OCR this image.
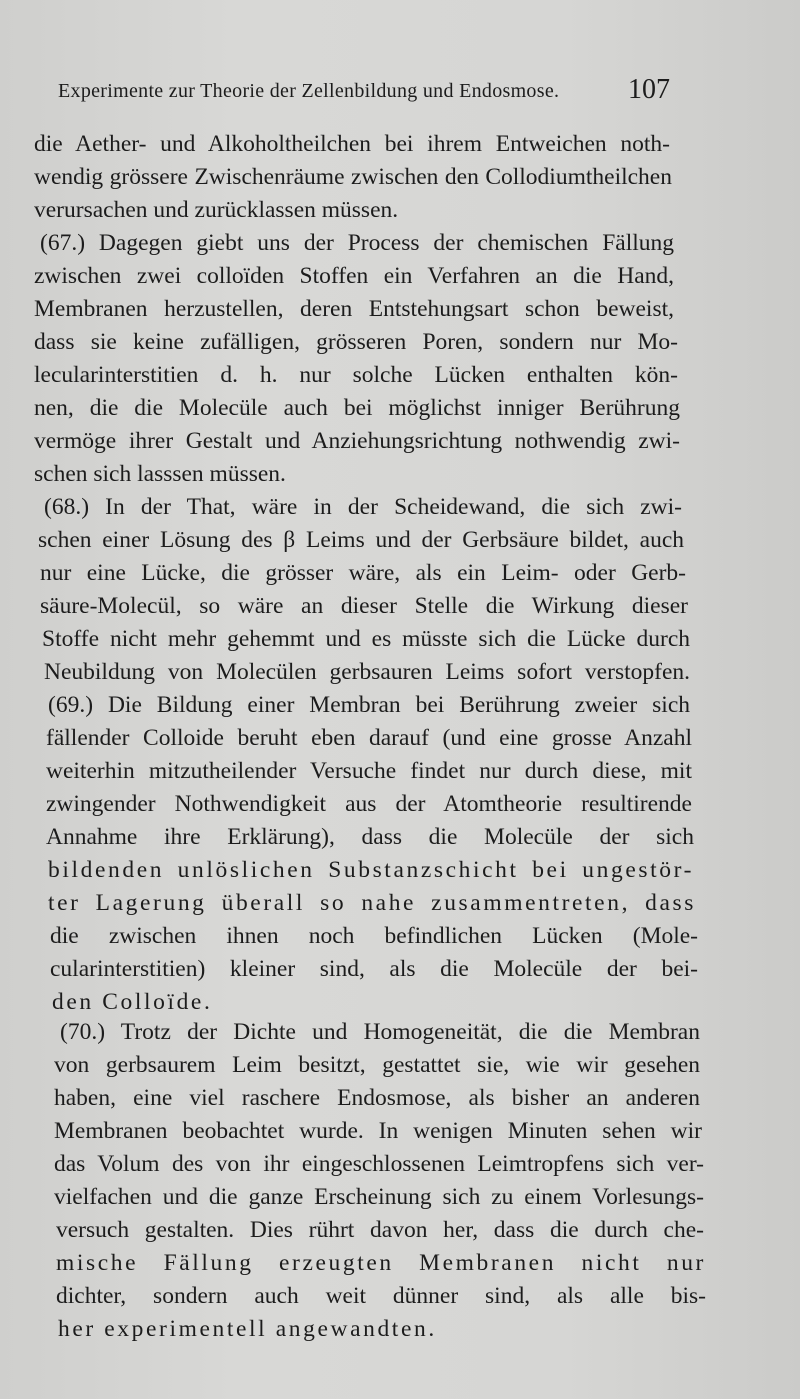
Experimente zur Theorie der Zellenbildung und Endosmose. 107
die Aether- und Alkoholtheilchen bei ihrem Entweichen noth-
wendig grössere Zwischenräume zwischen den Collodiumtheilchen
verursachen und zurücklassen müssen.
(67.) Dagegen giebt uns der Process der chemischen Fällung
zwischen zwei colloïden Stoffen ein Verfahren an die Hand,
Membranen herzustellen, deren Entstehungsart schon beweist,
dass sie keine zufälligen, grösseren Poren, sondern nur Mo-
lecularinterstitien d. h. nur solche Lücken enthalten kön-
nen, die die Molecüle auch bei möglichst inniger Berührung
vermöge ihrer Gestalt und Anziehungsrichtung nothwendig zwi-
schen sich lasssen müssen.
(68.) In der That, wäre in der Scheidewand, die sich zwi-
schen einer Lösung des β Leims und der Gerbsäure bildet, auch
nur eine Lücke, die grösser wäre, als ein Leim- oder Gerb-
säure-Molecül, so wäre an dieser Stelle die Wirkung dieser
Stoffe nicht mehr gehemmt und es müsste sich die Lücke durch
Neubildung von Molecülen gerbsauren Leims sofort verstopfen.
(69.) Die Bildung einer Membran bei Berührung zweier sich
fällender Colloide beruht eben darauf (und eine grosse Anzahl
weiterhin mitzutheilender Versuche findet nur durch diese, mit
zwingender Nothwendigkeit aus der Atomtheorie resultirende
Annahme ihre Erklärung), dass die Molecüle der sich
bildenden unlöslichen Substanzschicht bei ungestör-
ter Lagerung überall so nahe zusammentreten, dass
die zwischen ihnen noch befindlichen Lücken (Mole-
cularinterstitien) kleiner sind, als die Molecüle der bei-
den Colloïde.
(70.) Trotz der Dichte und Homogeneität, die die Membran
von gerbsaurem Leim besitzt, gestattet sie, wie wir gesehen
haben, eine viel raschere Endosmose, als bisher an anderen
Membranen beobachtet wurde. In wenigen Minuten sehen wir
das Volum des von ihr eingeschlossenen Leimtropfens sich ver-
vielfachen und die ganze Erscheinung sich zu einem Vorlesungs-
versuch gestalten. Dies rührt davon her, dass die durch che-
mische Fällung erzeugten Membranen nicht nur
dichter, sondern auch weit dünner sind, als alle bis-
her experimentell angewandten.
